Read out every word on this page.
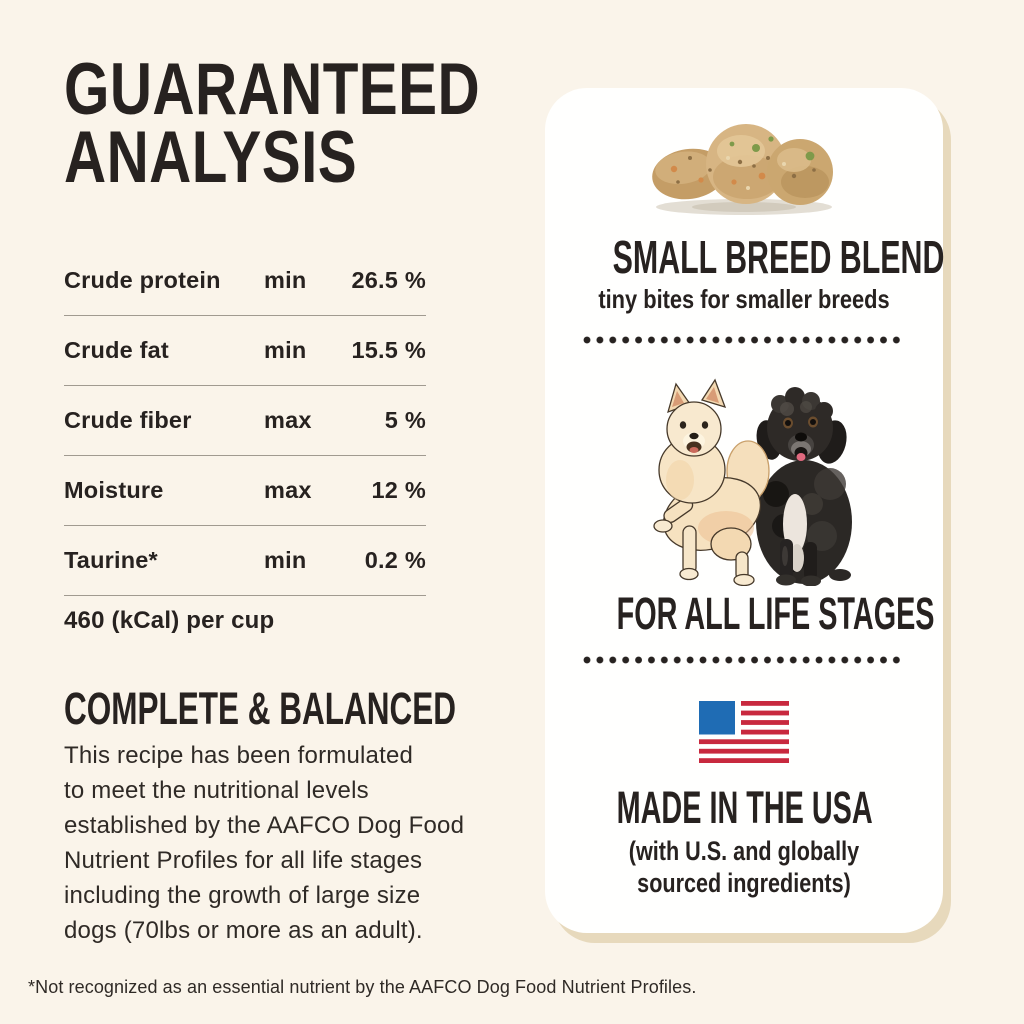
GUARANTEED
ANALYSIS
Crude protein	min	26.5 %
Crude fat	min	15.5 %
Crude fiber	max	5 %
Moisture	max	12 %
Taurine*	min	0.2 %
460 (kCal) per cup
COMPLETE & BALANCED
This recipe has been formulated
to meet the nutritional levels
established by the AAFCO Dog Food
Nutrient Profiles for all life stages
including the growth of large size
dogs (70lbs or more as an adult).
*Not recognized as an essential nutrient by the AAFCO Dog Food Nutrient Profiles.
SMALL BREED BLEND
tiny bites for smaller breeds
FOR ALL LIFE STAGES
MADE IN THE USA
(with U.S. and globally
sourced ingredients)
